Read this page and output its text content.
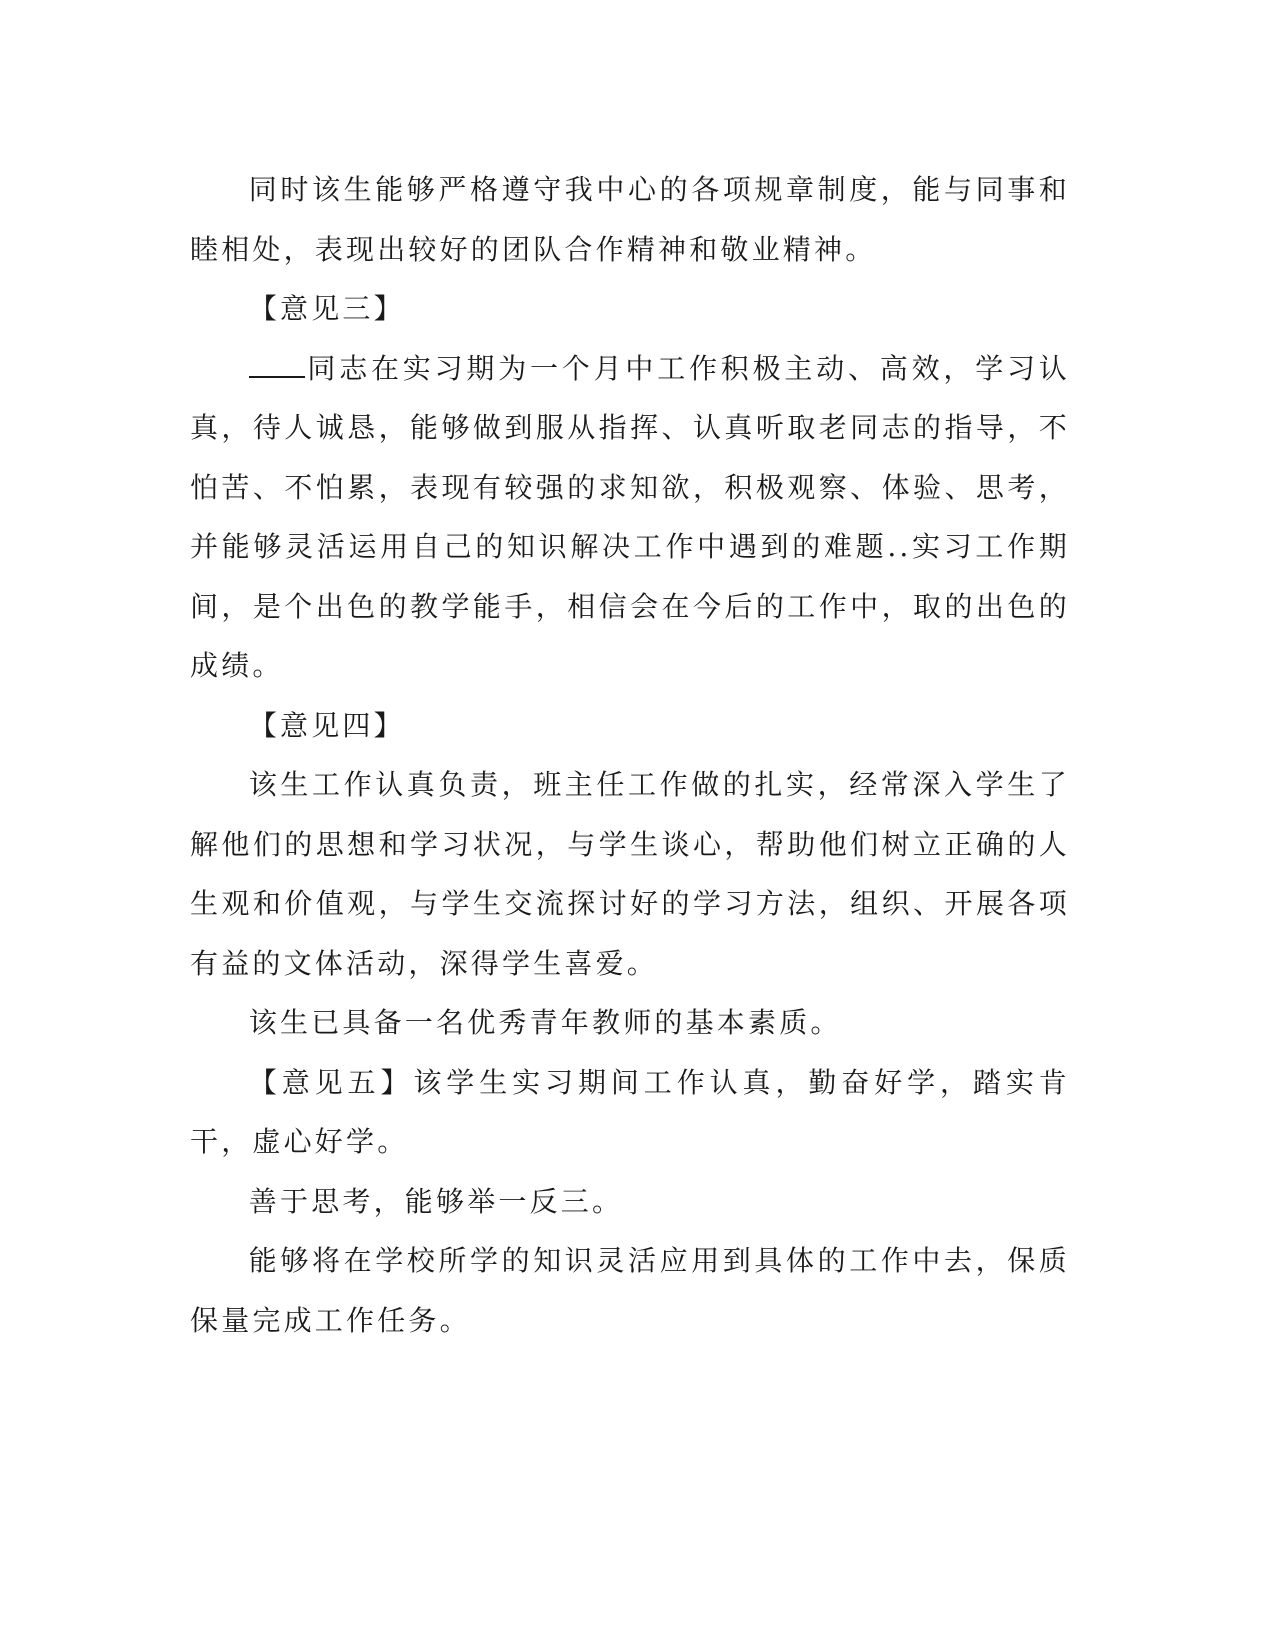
同时该生能够严格遵守我中心的各项规章制度，能与同事和睦相处，表现出较好的团队合作精神和敬业精神。

【意见三】

同志在实习期为一个月中工作积极主动、高效，学习认真，待人诚恳，能够做到服从指挥、认真听取老同志的指导，不怕苦、不怕累，表现有较强的求知欲，积极观察、体验、思考，并能够灵活运用自己的知识解决工作中遇到的难题..实习工作期间，是个出色的教学能手，相信会在今后的工作中，取的出色的成绩。

【意见四】

该生工作认真负责，班主任工作做的扎实，经常深入学生了解他们的思想和学习状况，与学生谈心，帮助他们树立正确的人生观和价值观，与学生交流探讨好的学习方法，组织、开展各项有益的文体活动，深得学生喜爱。

该生已具备一名优秀青年教师的基本素质。

【意见五】该学生实习期间工作认真，勤奋好学，踏实肯干，虚心好学。

善于思考，能够举一反三。

能够将在学校所学的知识灵活应用到具体的工作中去，保质保量完成工作任务。
